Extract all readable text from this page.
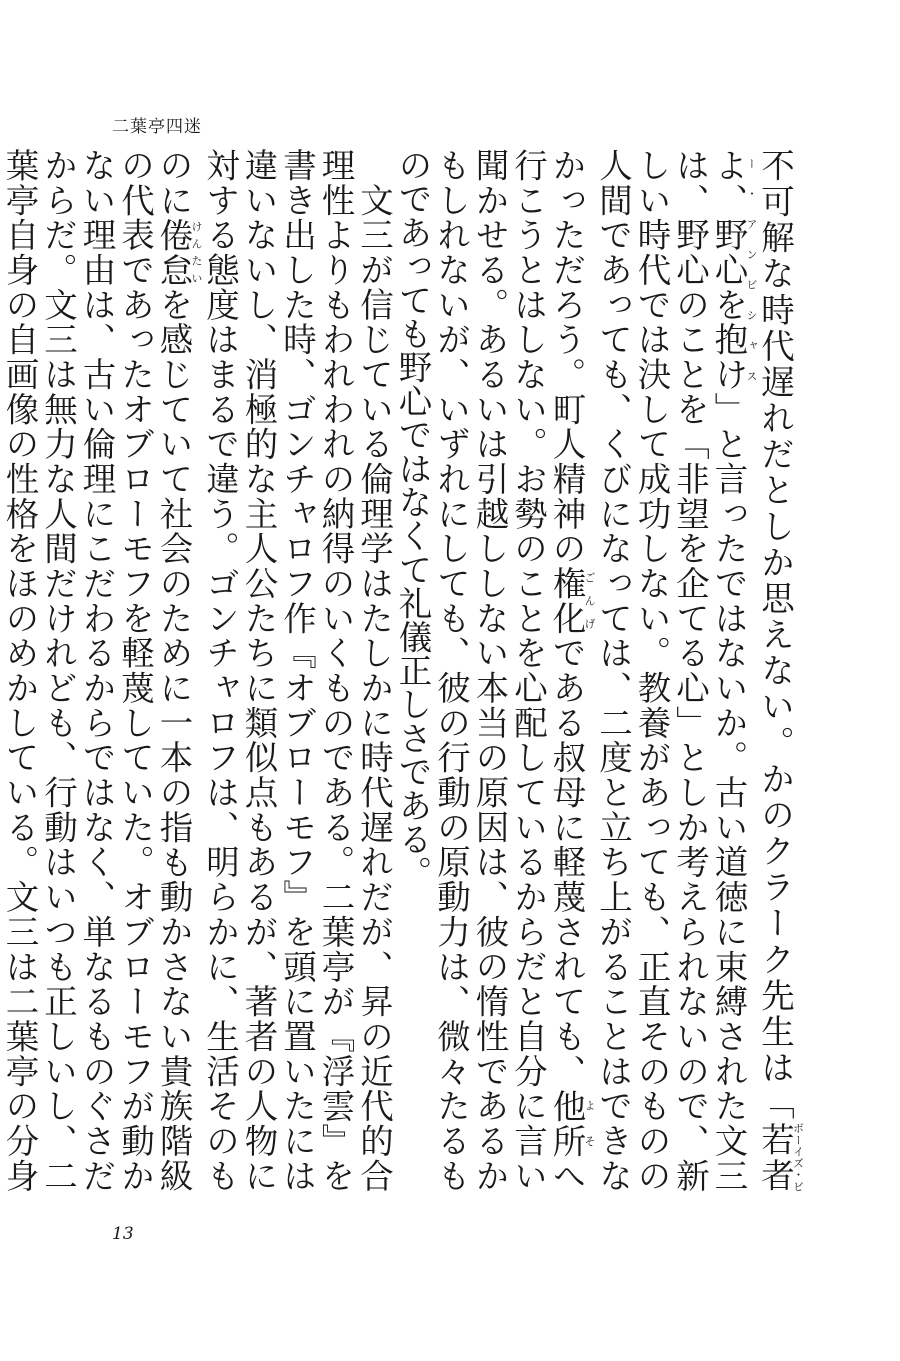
二葉亭四迷

不可解な時代遅れだとしか思えない。かのクラーク先生は「若者よ、野心を抱けボーイズ・ビー・アンビシャス」と言ったではないか。古い道徳に束縛された文三は、野心のことを「非望を企てる心」としか考えられないので、新しい時代では決して成功しない。教養があっても、正直そのものの人間であっても、くびになっては、二度と立ち上がることはできなかっただろう。町人精神の権化ごんげである叔母に軽蔑されても、他所よそへ行こうとはしない。お勢のことを心配しているからだと自分に言い聞かせる。あるいは引越ししない本当の原因は、彼の惰性であるかもしれないが、いずれにしても、彼の行動の原動力は、微々たるものであっても野心ではなくて礼儀正しさである。

　文三が信じている倫理学はたしかに時代遅れだが、昇の近代的合理性よりもわれわれの納得のいくものである。二葉亭が『浮雲』を書き出した時、ゴンチャロフ作『オブローモフ』を頭に置いたには違いないし、消極的な主人公たちに類似点もあるが、著者の人物に対する態度はまるで違う。ゴンチャロフは、明らかに、生活そのものに倦怠けんたいを感じていて社会のために一本の指も動かさない貴族階級の代表であったオブローモフを軽蔑していた。オブローモフが動かない理由は、古い倫理にこだわるからではなく、単なるものぐさだからだ。文三は無力な人間だけれども、行動はいつも正しいし、二葉亭自身の自画像の性格をほのめかしている。文三は二葉亭の分身

13
